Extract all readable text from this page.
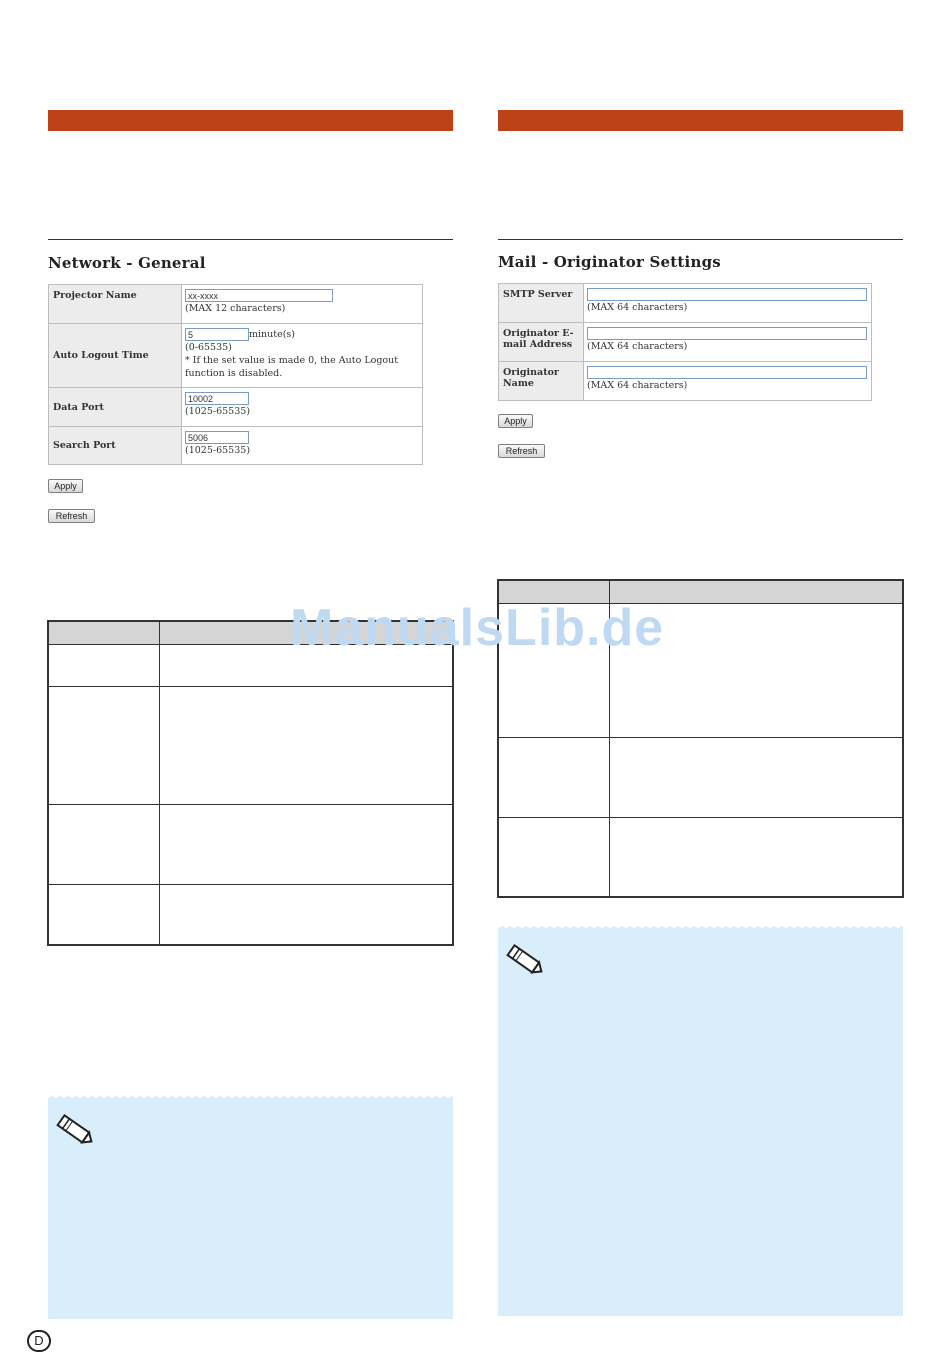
Network - General
Projector Name	xx-xxxx
(MAX 12 characters)
Auto Logout Time	5 minute(s)
(0-65535)
* If the set value is made 0, the Auto Logout function is disabled.
Data Port	10002
(1025-65535)
Search Port	5006
(1025-65535)
Apply
Refresh

Mail - Originator Settings
SMTP Server	(MAX 64 characters)
Originator E-mail Address	(MAX 64 characters)
Originator Name	(MAX 64 characters)
Apply
Refresh

ManualsLib.de
D
